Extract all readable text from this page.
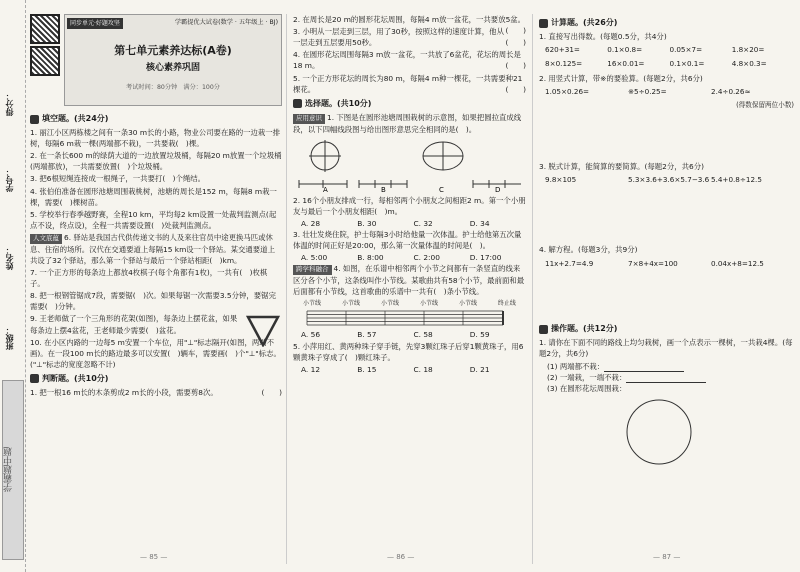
得分：
学号：
姓名：
班级：
学霸题中题
同步单元·好题攻坚	学霸提优大试卷(数学 · 五年级上 · BJ)
第七单元素养达标(A卷)
核心素养巩固
考试时间：80分钟　满分：100分
填空题。(共24分)
1. 丽江小区两栋楼之间有一条30 m长的小路，物业公司要在路的一边栽一排树，每隔6 m栽一棵(两端都不栽)，一共要栽(　)棵。
2. 在一条长600 m的绿荫大道的一边放置垃圾桶，每隔20 m放置一个垃圾桶(两端都放)，一共需要放置(　)个垃圾桶。
3. 把6根短绳连接成一根绳子，一共要打(　)个绳结。
4. 张伯伯准备在圆形池塘周围栽桃树，池塘的周长是152 m，每隔8 m栽一棵，需要(　)棵树苗。
5. 学校举行春季越野赛，全程10 km，平均每2 km设置一处裁判监测点(起点不设，终点设)，全程一共需要设置(　)处裁判监测点。
人文底蕴 6. 驿站是我国古代供传递文书的人及来往官员中途更换马匹或休息、住宿的场所。汉代在交通要道上每隔15 km设一个驿站。某交通要道上共设了32个驿站，那么第一个驿站与最后一个驿站相距(　)km。
7. 一个正方形的每条边上都放4枚棋子(每个角都有1枚)，一共有(　)枚棋子。
8. 把一根钢管锯成7段，需要锯(　)次。如果每锯一次需要3.5分钟，要锯完需要(　)分钟。
9. 王老师做了一个三角形的花架(如图)，每条边上摆花盆，如果每条边上摆4盆花，王老师最少需要(　)盆花。
10. 在小区内路的一边每5 m安置一个车位，用"⊥"标志隔开(如图，两端不画)。在一段100 m长的路边最多可以安置(　)辆车，需要画(　)个"⊥"标志。("⊥"标志的宽度忽略不计)
判断题。(共10分)
1. 把一根16 m长的木条剪成2 m长的小段，需要剪8次。	(　　)
— 85 —
2. 在周长是20 m的圆形花坛周围，每隔4 m放一盆花，一共要放5盆。
(　　)
3. 小明从一层走到三层，用了30秒，按照这样的速度计算，他从一层走到五层要用50秒。	(　　)
4. 在圆形花坛周围每隔3 m放一盆花，一共放了6盆花，花坛的周长是18 m。	(　　)
5. 一个正方形花坛的周长为80 m，每隔4 m种一棵花，一共需要种21棵花。	(　　)
选择题。(共10分)
应用意识 1. 下图是在圆形池塘周围栽树的示意图，如果把圆拉直成线段，以下四幅线段图与给出图形意思完全相同的是(　)。
A	B	C	D
2. 16个小朋友排成一行，每相邻两个小朋友之间相距2 m。第一个小朋友与最后一个小朋友相距(　)m。
A. 28	B. 30	C. 32	D. 34
3. 壮壮发烧住院，护士每隔3小时给他量一次体温。护士给他第五次量体温的时间正好是20:00，那么第一次量体温的时间是(　)。
A. 5:00	B. 8:00	C. 2:00	D. 17:00
跨学科融合 4. 如图，在乐谱中相邻两个小节之间都有一条竖直的线来区分各个小节，这条线叫作小节线。某歌曲共有58个小节，最前面和最后面都有小节线，这首歌曲的乐谱中一共有(　)条小节线。
小节线	小节线	小节线	小节线	小节线	终止线
A. 56	B. 57	C. 58	D. 59
5. 小萍用红、黄两种珠子穿手链，先穿3颗红珠子后穿1颗黄珠子，用6颗黄珠子穿成了(　)颗红珠子。
A. 12	B. 15	C. 18	D. 21
— 86 —
计算题。(共26分)
1. 直接写出得数。(每题0.5分，共4分)
620+31=	0.1×0.8=	0.05×7=	1.8×20=
8×0.125=	16×0.01=	0.1×0.1=	4.8×0.3=
2. 用竖式计算，带※的要验算。(每题2分，共6分)
1.05×0.26=	※5÷0.25=	2.4÷0.26≈
(得数保留两位小数)
3. 脱式计算，能简算的要简算。(每题2分，共6分)
9.8×105	5.3×3.6+3.6×5.7−3.6 5.4+0.8÷12.5
4. 解方程。(每题3分，共9分)
11x+2.7=4.9	7×8+4x=100	0.04x+8=12.5
操作题。(共12分)
1. 请你在下面不同的路线上均匀栽树，画一个点表示一棵树，一共栽4棵。(每题2分，共6分)
(1) 两端都不栽：
(2) 一端栽，一端不栽：
(3) 在圆形花坛周围栽：
— 87 —
